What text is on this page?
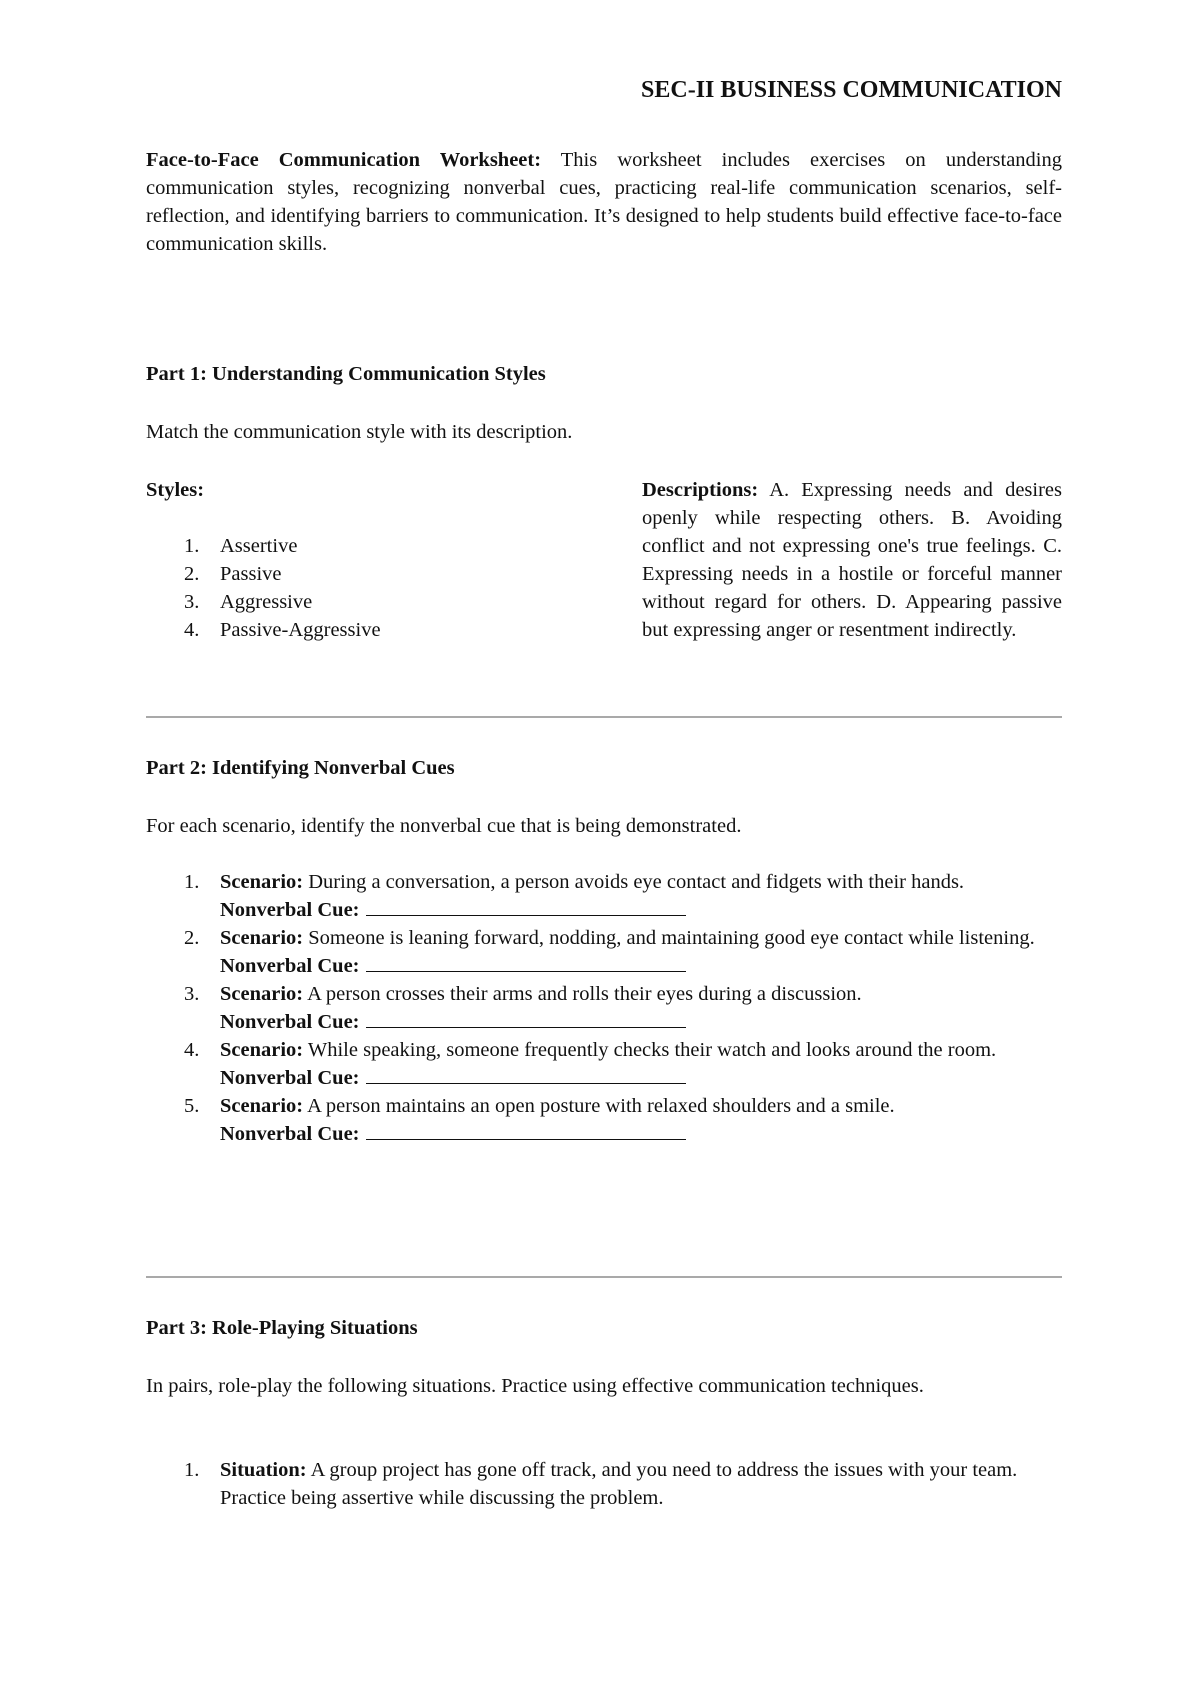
SEC-II BUSINESS COMMUNICATION
Face-to-Face Communication Worksheet: This worksheet includes exercises on understanding communication styles, recognizing nonverbal cues, practicing real-life communication scenarios, self-reflection, and identifying barriers to communication. It’s designed to help students build effective face-to-face communication skills.
Part 1: Understanding Communication Styles
Match the communication style with its description.
Styles:
1.	Assertive
2.	Passive
3.	Aggressive
4.	Passive-Aggressive
Descriptions: A. Expressing needs and desires openly while respecting others. B. Avoiding conflict and not expressing one's true feelings. C. Expressing needs in a hostile or forceful manner without regard for others. D. Appearing passive but expressing anger or resentment indirectly.
Part 2: Identifying Nonverbal Cues
For each scenario, identify the nonverbal cue that is being demonstrated.
1.	Scenario: During a conversation, a person avoids eye contact and fidgets with their hands.
Nonverbal Cue:
2.	Scenario: Someone is leaning forward, nodding, and maintaining good eye contact while listening.
Nonverbal Cue:
3.	Scenario: A person crosses their arms and rolls their eyes during a discussion.
Nonverbal Cue:
4.	Scenario: While speaking, someone frequently checks their watch and looks around the room.
Nonverbal Cue:
5.	Scenario: A person maintains an open posture with relaxed shoulders and a smile.
Nonverbal Cue:
Part 3: Role-Playing Situations
In pairs, role-play the following situations. Practice using effective communication techniques.
1.	Situation: A group project has gone off track, and you need to address the issues with your team. Practice being assertive while discussing the problem.
